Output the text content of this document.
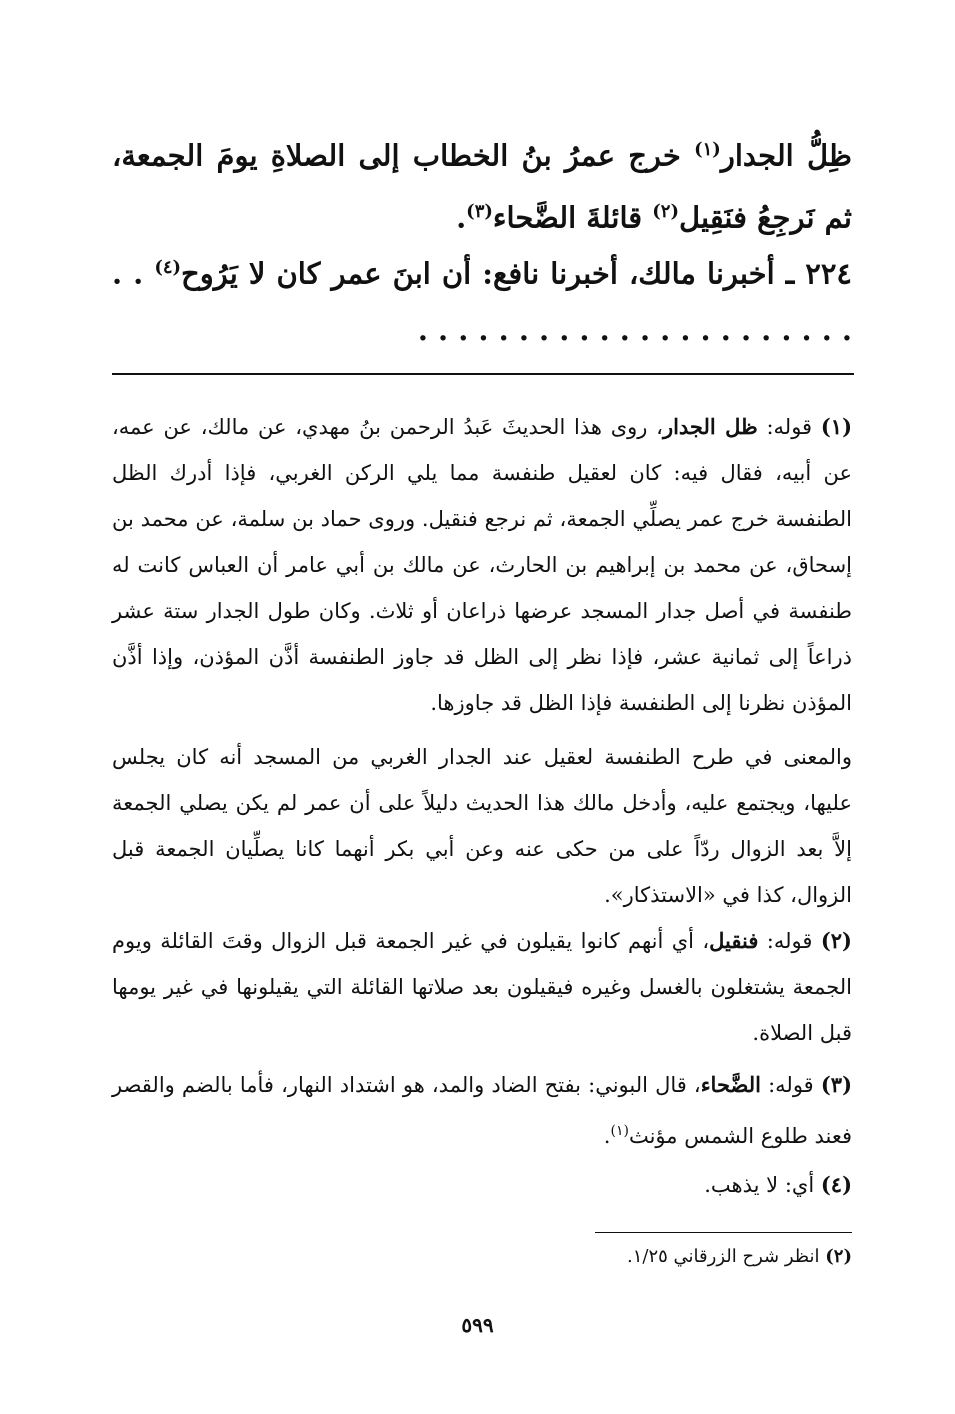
ظِلُّ الجدار$^{(١)}$ خرج عمرُ بنُ الخطاب إلى الصلاةِ يومَ الجمعة، ثم نَرجِعُ فنَقِيل$^{(٢)}$ قائلةَ الضَّحاء$^{(٣)}$.
٢٢٤ ـ أخبرنا مالك، أخبرنا نافع: أن ابنَ عمر كان لا يَرُوح$^{(٤)}$ . . . . . . . . . . . . . . . . . . . . . . . .
(١) قوله: ظل الجدار، روى هذا الحديثَ عَبدُ الرحمن بنُ مهدي، عن مالك، عن عمه، عن أبيه، فقال فيه: كان لعقيل طنفسة مما يلي الركن الغربي، فإذا أدرك الظل الطنفسة خرج عمر يصلِّي الجمعة، ثم نرجع فنقيل. وروى حماد بن سلمة، عن محمد بن إسحاق، عن محمد بن إبراهيم بن الحارث، عن مالك بن أبي عامر أن العباس كانت له طنفسة في أصل جدار المسجد عرضها ذراعان أو ثلاث. وكان طول الجدار ستة عشر ذراعاً إلى ثمانية عشر، فإذا نظر إلى الظل قد جاوز الطنفسة أذَّن المؤذن، وإذا أذَّن المؤذن نظرنا إلى الطنفسة فإذا الظل قد جاوزها.
والمعنى في طرح الطنفسة لعقيل عند الجدار الغربي من المسجد أنه كان يجلس عليها، ويجتمع عليه، وأدخل مالك هذا الحديث دليلاً على أن عمر لم يكن يصلي الجمعة إلاَّ بعد الزوال ردّاً على من حكى عنه وعن أبي بكر أنهما كانا يصلِّيان الجمعة قبل الزوال، كذا في «الاستذكار».
(٢) قوله: فنقيل، أي أنهم كانوا يقيلون في غير الجمعة قبل الزوال وقتَ القائلة ويوم الجمعة يشتغلون بالغسل وغيره فيقيلون بعد صلاتها القائلة التي يقيلونها في غير يومها قبل الصلاة.
(٣) قوله: الضَّحاء، قال البوني: بفتح الضاد والمد، هو اشتداد النهار، فأما بالضم والقصر فعند طلوع الشمس مؤنث$^{(١)}$.
(٤) أي: لا يذهب.
(٢) انظر شرح الزرقاني ١/٢٥.
٥٩٩
